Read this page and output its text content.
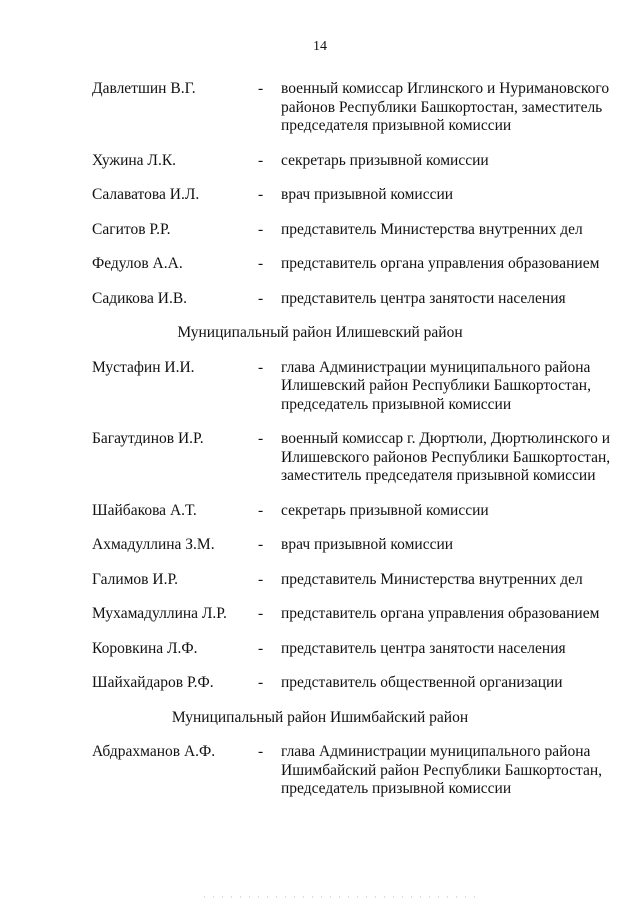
14
Давлетшин В.Г.	- военный комиссар Иглинского и Нуримановского районов Республики Башкортостан, заместитель председателя призывной комиссии
Хужина Л.К.	- секретарь призывной комиссии
Салаватова И.Л.	- врач призывной комиссии
Сагитов Р.Р.	- представитель Министерства внутренних дел
Федулов А.А.	- представитель органа управления образованием
Садикова И.В.	- представитель центра занятости населения
Муниципальный район Илишевский район
Мустафин И.И.	- глава Администрации муниципального района Илишевский район Республики Башкортостан, председатель призывной комиссии
Багаутдинов И.Р.	- военный комиссар г. Дюртюли, Дюртюлинского и Илишевского районов Республики Башкортостан, заместитель председателя призывной комиссии
Шайбакова А.Т.	- секретарь призывной комиссии
Ахмадуллина З.М.	- врач призывной комиссии
Галимов И.Р.	- представитель Министерства внутренних дел
Мухамадуллина Л.Р. - представитель органа управления образованием
Коровкина Л.Ф.	- представитель центра занятости населения
Шайхайдаров Р.Ф.	- представитель общественной организации
Муниципальный район Ишимбайский район
Абдрахманов А.Ф.	- глава Администрации муниципального района Ишимбайский район Республики Башкортостан, председатель призывной комиссии
